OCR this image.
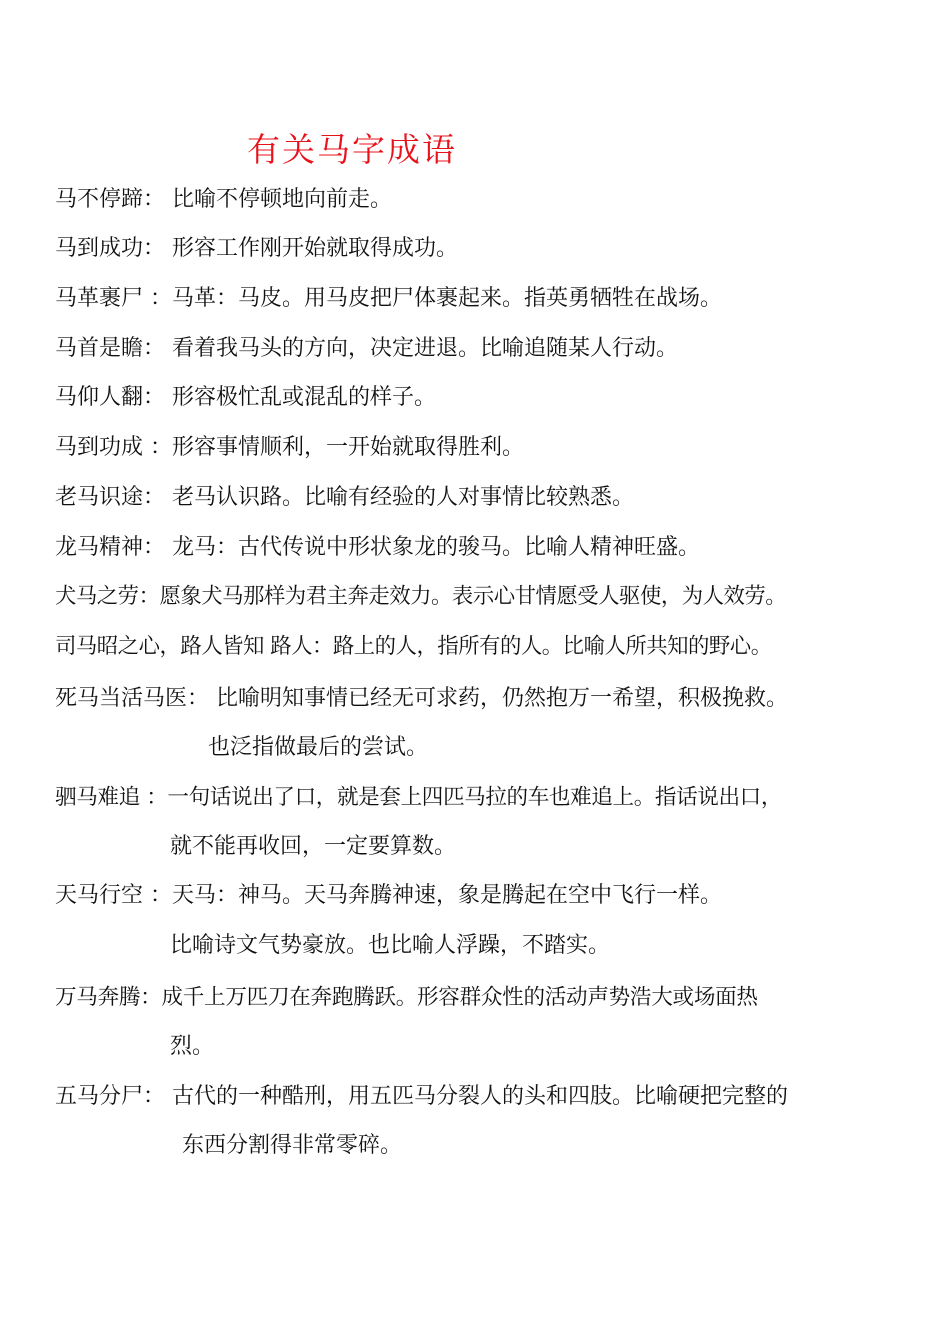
有关马字成语
马不停蹄： 比喻不停顿地向前走。
马到成功： 形容工作刚开始就取得成功。
马革裹尸 ：马革：马皮。用马皮把尸体裹起来。指英勇牺牲在战场。
马首是瞻： 看着我马头的方向，决定进退。比喻追随某人行动。
马仰人翻： 形容极忙乱或混乱的样子。
马到功成 ：形容事情顺利，一开始就取得胜利。
老马识途： 老马认识路。比喻有经验的人对事情比较熟悉。
龙马精神： 龙马：古代传说中形状象龙的骏马。比喻人精神旺盛。
犬马之劳：愿象犬马那样为君主奔走效力。表示心甘情愿受人驱使，为人效劳。
司马昭之心，路人皆知 路人：路上的人，指所有的人。比喻人所共知的野心。
死马当活马医： 比喻明知事情已经无可求药，仍然抱万一希望，积极挽救。
也泛指做最后的尝试。
驷马难追 ：一句话说出了口，就是套上四匹马拉的车也难追上。指话说出口，
就不能再收回，一定要算数。
天马行空 ：天马：神马。天马奔腾神速，象是腾起在空中飞行一样。
比喻诗文气势豪放。也比喻人浮躁，不踏实。
万马奔腾：成千上万匹刀在奔跑腾跃。形容群众性的活动声势浩大或场面热
烈。
五马分尸： 古代的一种酷刑，用五匹马分裂人的头和四肢。比喻硬把完整的
东西分割得非常零碎。
